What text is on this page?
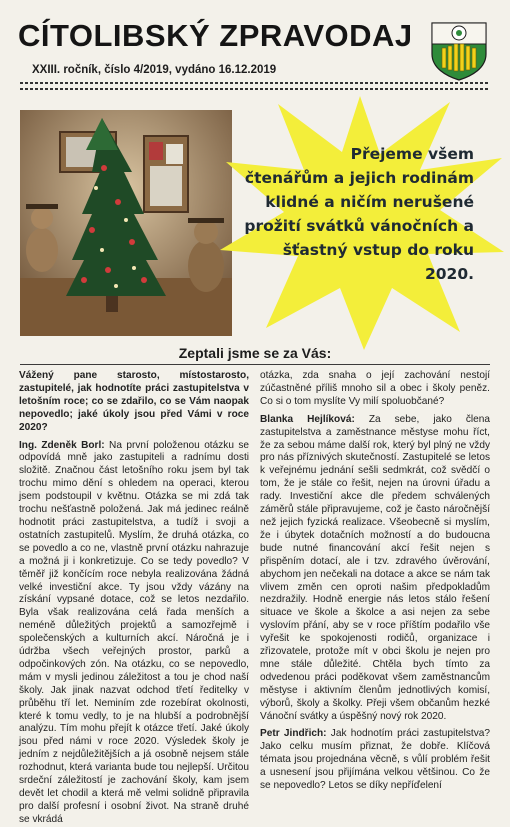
CÍTOLIBSKÝ ZPRAVODAJ
XXIII. ročník, číslo 4/2019, vydáno 16.12.2019
Přejeme všem
čtenářům a jejich rodinám
klidné a ničím nerušené
prožití svátků vánočních a
šťastný vstup do roku
2020.
Zeptali jsme se za Vás:

Vážený pane starosto, místostarosto, zastupitelé, jak hodnotíte práci zastupitelstva v letošním roce; co se zdařilo, co se Vám naopak nepovedlo; jaké úkoly jsou před Vámi v roce 2020?

Ing. Zdeněk Borl: Na první položenou otázku se odpovídá mně jako zastupiteli a radnímu dosti složitě. Značnou část letošního roku jsem byl tak trochu mimo dění s ohledem na operaci, kterou jsem podstoupil v květnu. Otázka se mi zdá tak trochu nešťastně položená. Jak má jedinec reálně hodnotit práci zastupitelstva, a tudíž i svoji a ostatních zastupitelů. Myslím, že druhá otázka, co se povedlo a co ne, vlastně první otázku nahrazuje a možná ji i konkretizuje. Co se tedy povedlo? V těměř již končícím roce nebyla realizována žádná velké investiční akce. Ty jsou vždy vázány na získání vypsané dotace, což se letos nezdařilo. Byla však realizována celá řada menších a neméně důležitých projektů a samozřejmě i společenských a kulturních akcí. Náročná je i údržba všech veřejných prostor, parků a odpočinkových zón. Na otázku, co se nepovedlo, mám v mysli jedinou záležitost a tou je chod naší školy. Jak jinak nazvat odchod třetí ředitelky v průběhu tří let. Neminím zde rozebírat okolnosti, které k tomu vedly, to je na hlubší a podrobnější analýzu. Tím mohu přejít k otázce třetí. Jaké úkoly jsou před námi v roce 2020. Výsledek školy je jedním z nejdůležitějších a já osobně nejsem stále rozhodnut, která varianta bude tou nejlepší. Určitou srdeční záležitostí je zachování školy, kam jsem devět let chodil a která mě velmi solidně připravila pro další profesní i osobní život. Na straně druhé se vkrádá

otázka, zda snaha o její zachování nestojí zúčastněné příliš mnoho sil a obec i školy peněz. Co si o tom myslíte Vy milí spoluobčané?

Blanka Hejlíková: Za sebe, jako člena zastupitelstva a zaměstnance městyse mohu říct, že za sebou máme další rok, který byl plný ne vždy pro nás příznivých skutečností. Zastupitelé se letos k veřejnému jednání sešli sedmkrát, což svědčí o tom, že je stále co řešit, nejen na úrovni úřadu a rady. Investiční akce dle předem schválených záměrů stále připravujeme, což je často náročnější než jejich fyzická realizace. Všeobecně si myslím, že i úbytek dotačních možností a do budoucna bude nutné financování akcí řešit nejen s přispěním dotací, ale i tzv. zdravého úvěrování, abychom jen nečekali na dotace a akce se nám tak vlivem změn cen oproti našim předpokladům nezdražily. Hodně energie nás letos stálo řešení situace ve škole a školce a asi nejen za sebe vyslovím přání, aby se v roce příštím podařilo vše vyřešit ke spokojenosti rodičů, organizace i zřizovatele, protože mít v obci školu je nejen pro mne stále důležité. Chtěla bych tímto za odvedenou práci poděkovat všem zaměstnancům městyse i aktivním členům jednotlivých komisí, výborů, školy a školky. Přeji všem občanům hezké Vánoční svátky a úspěšný nový rok 2020.

Petr Jindřich: Jak hodnotím práci zastupitelstva? Jako celku musím přiznat, že dobře. Klíčová témata jsou projednána věcně, s vůlí problém řešit a usnesení jsou přijímána velkou většinou. Co že se nepovedlo? Letos se díky nepříďelení
